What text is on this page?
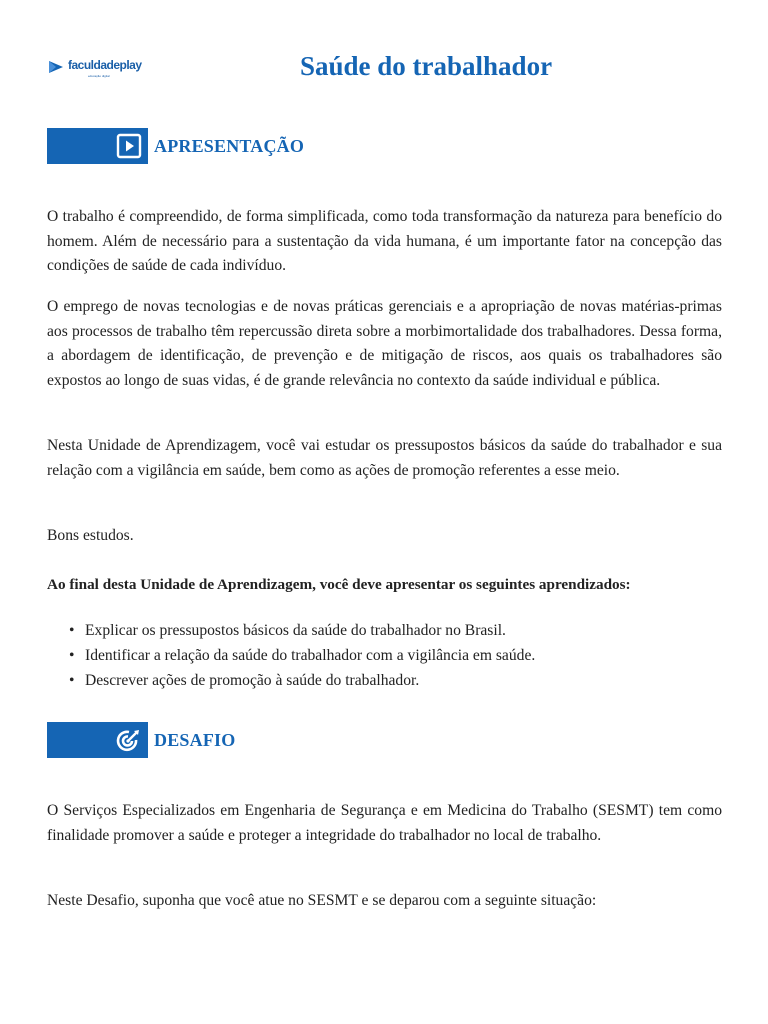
faculdadeplay
educação digital	Saúde do trabalhador
APRESENTAÇÃO

O trabalho é compreendido, de forma simplificada, como toda transformação da natureza para benefício do homem. Além de necessário para a sustentação da vida humana, é um importante fator na concepção das condições de saúde de cada indivíduo.

O emprego de novas tecnologias e de novas práticas gerenciais e a apropriação de novas matérias-primas aos processos de trabalho têm repercussão direta sobre a morbimortalidade dos trabalhadores. Dessa forma, a abordagem de identificação, de prevenção e de mitigação de riscos, aos quais os trabalhadores são expostos ao longo de suas vidas, é de grande relevância no contexto da saúde individual e pública.

Nesta Unidade de Aprendizagem, você vai estudar os pressupostos básicos da saúde do trabalhador e sua relação com a vigilância em saúde, bem como as ações de promoção referentes a esse meio.

Bons estudos.

Ao final desta Unidade de Aprendizagem, você deve apresentar os seguintes aprendizados:

• Explicar os pressupostos básicos da saúde do trabalhador no Brasil.
• Identificar a relação da saúde do trabalhador com a vigilância em saúde.
• Descrever ações de promoção à saúde do trabalhador.
DESAFIO

O Serviços Especializados em Engenharia de Segurança e em Medicina do Trabalho (SESMT) tem como finalidade promover a saúde e proteger a integridade do trabalhador no local de trabalho.

Neste Desafio, suponha que você atue no SESMT e se deparou com a seguinte situação:
